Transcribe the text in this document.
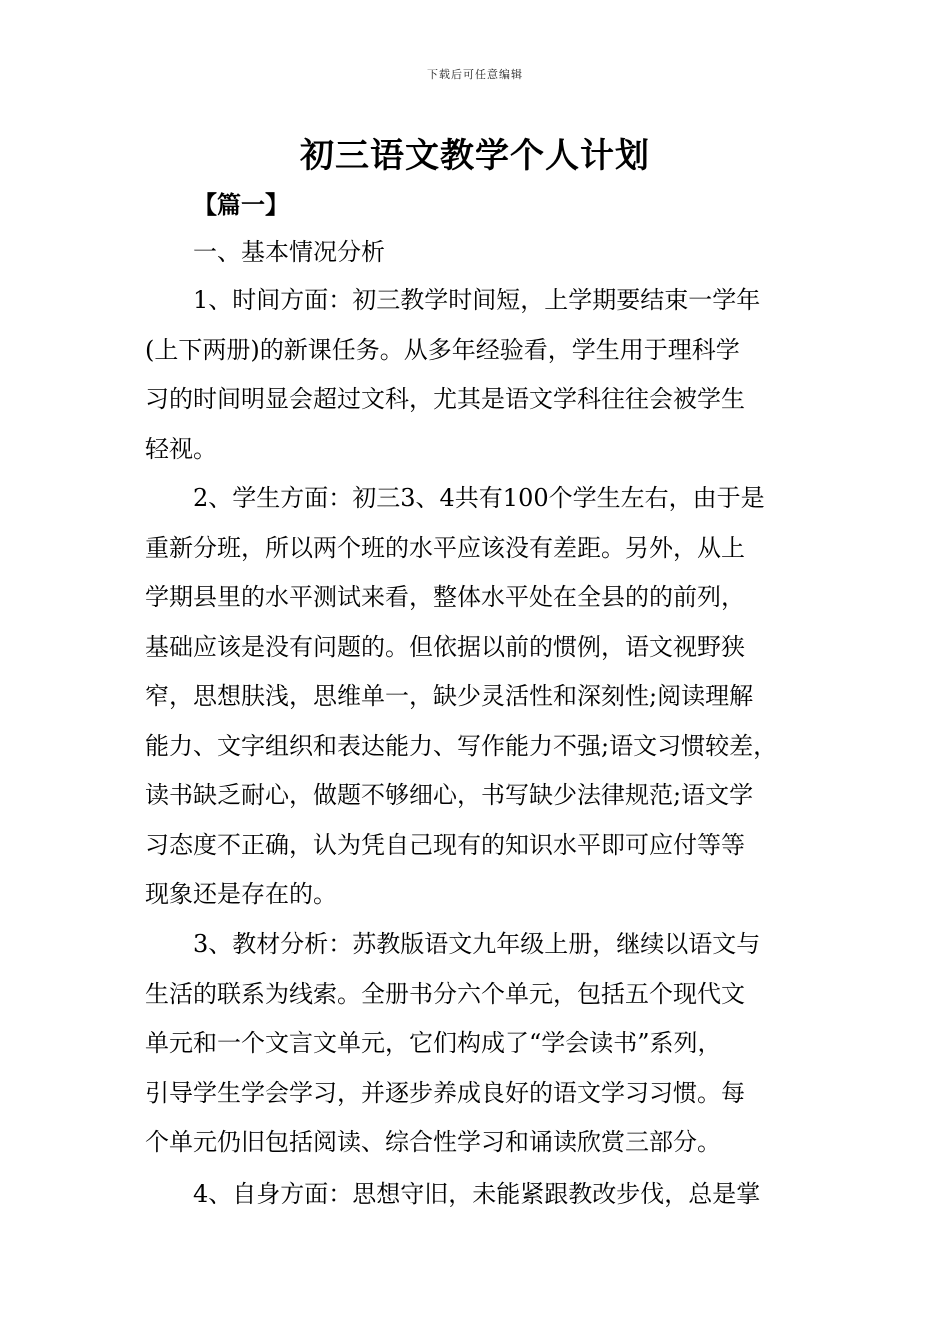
下载后可任意编辑
初三语文教学个人计划
【篇一】
一、基本情况分析
1、时间方面：初三教学时间短，上学期要结束一学年
(上下两册)的新课任务。从多年经验看，学生用于理科学
习的时间明显会超过文科，尤其是语文学科往往会被学生
轻视。
2、学生方面：初三3、4共有100个学生左右，由于是
重新分班，所以两个班的水平应该没有差距。另外，从上
学期县里的水平测试来看，整体水平处在全县的的前列，
基础应该是没有问题的。但依据以前的惯例，语文视野狭
窄，思想肤浅，思维单一，缺少灵活性和深刻性;阅读理解
能力、文字组织和表达能力、写作能力不强;语文习惯较差，
读书缺乏耐心，做题不够细心，书写缺少法律规范;语文学
习态度不正确，认为凭自己现有的知识水平即可应付等等
现象还是存在的。
3、教材分析：苏教版语文九年级上册，继续以语文与
生活的联系为线索。全册书分六个单元，包括五个现代文
单元和一个文言文单元，它们构成了“学会读书”系列，
引导学生学会学习，并逐步养成良好的语文学习习惯。每
个单元仍旧包括阅读、综合性学习和诵读欣赏三部分。
4、自身方面：思想守旧，未能紧跟教改步伐，总是掌
